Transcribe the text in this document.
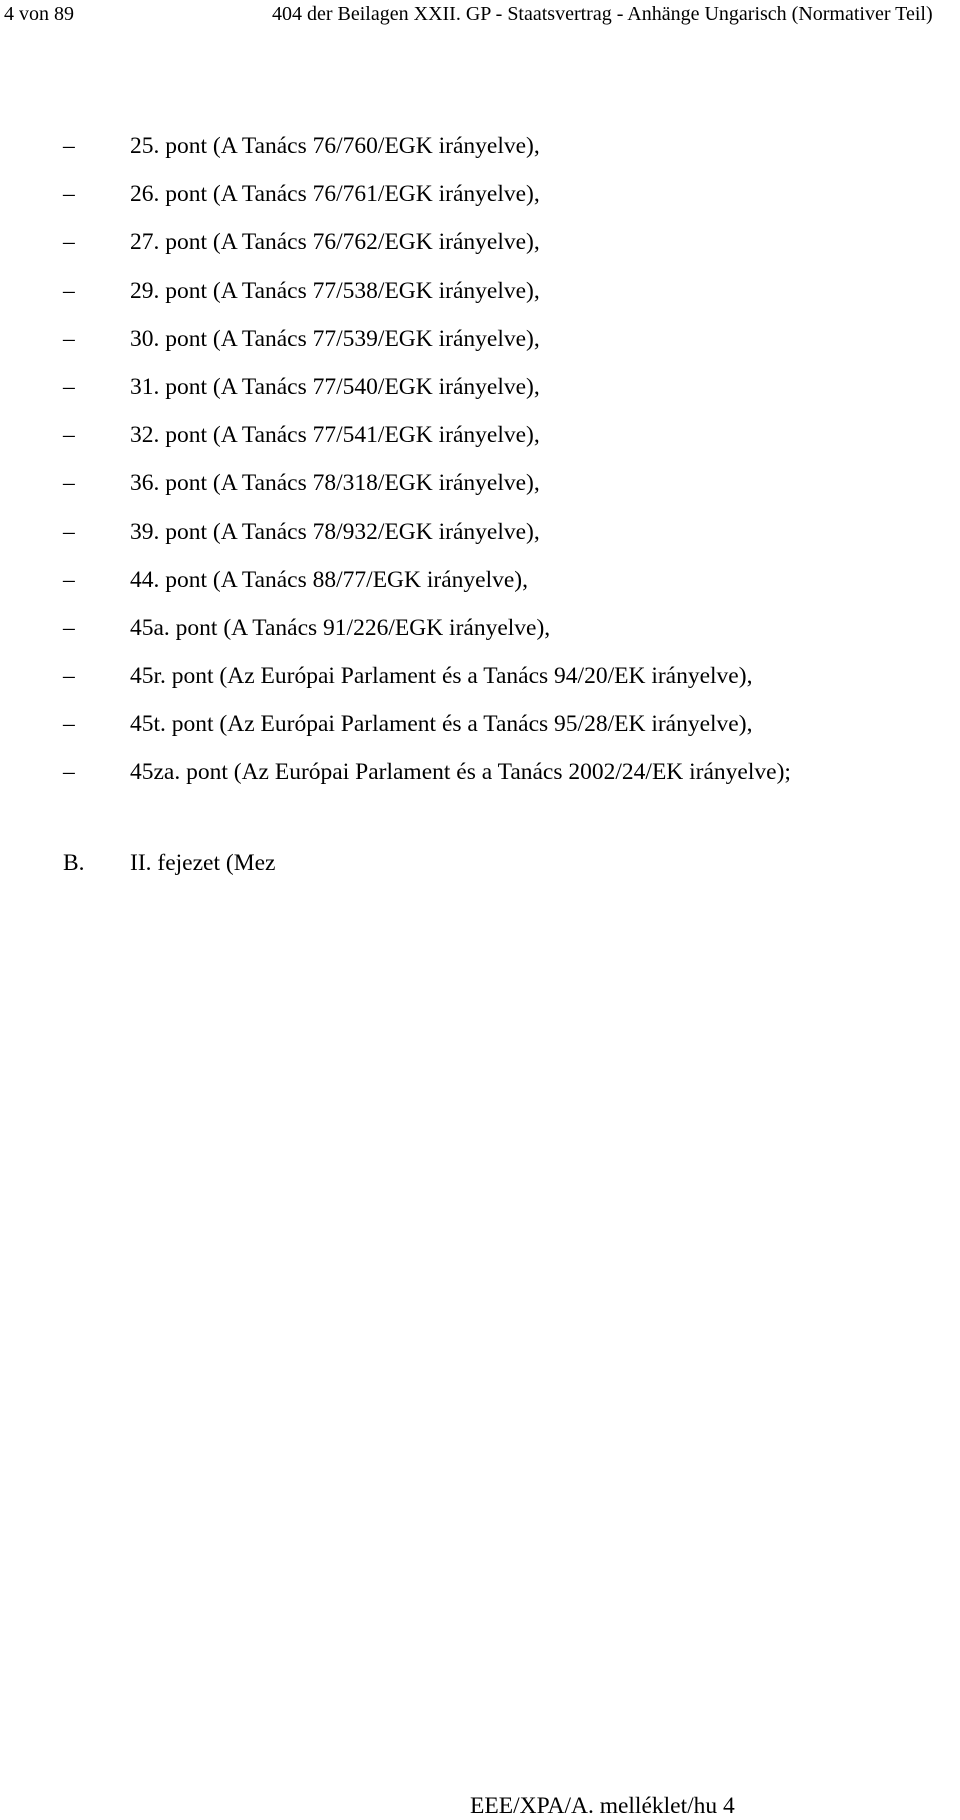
4 von 89	404 der Beilagen XXII. GP - Staatsvertrag - Anhänge Ungarisch (Normativer Teil)
–	25. pont (A Tanács 76/760/EGK irányelve),
–	26. pont (A Tanács 76/761/EGK irányelve),
–	27. pont (A Tanács 76/762/EGK irányelve),
–	29. pont (A Tanács 77/538/EGK irányelve),
–	30. pont (A Tanács 77/539/EGK irányelve),
–	31. pont (A Tanács 77/540/EGK irányelve),
–	32. pont (A Tanács 77/541/EGK irányelve),
–	36. pont (A Tanács 78/318/EGK irányelve),
–	39. pont (A Tanács 78/932/EGK irányelve),
–	44. pont (A Tanács 88/77/EGK irányelve),
–	45a. pont (A Tanács 91/226/EGK irányelve),
–	45r. pont (Az Európai Parlament és a Tanács 94/20/EK irányelve),
–	45t. pont (Az Európai Parlament és a Tanács 95/28/EK irányelve),
–	45za. pont (Az Európai Parlament és a Tanács 2002/24/EK irányelve);
B. II. fejezet (Mez
EEE/XPA/A. melléklet/hu 4
